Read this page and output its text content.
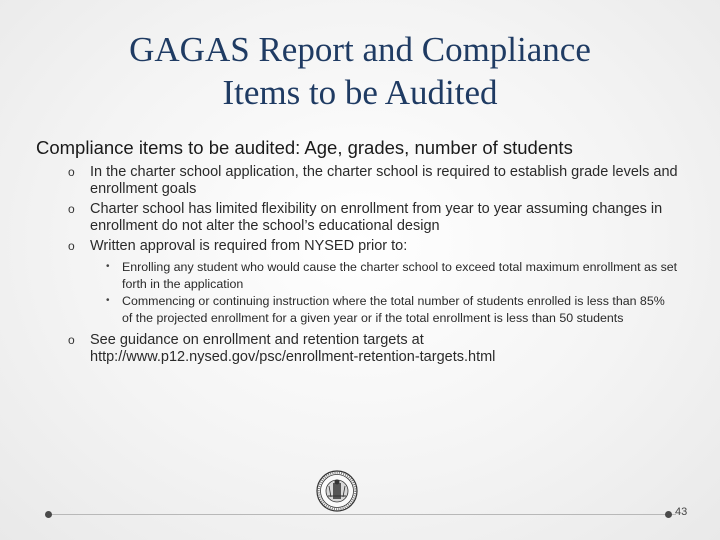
GAGAS Report and Compliance
Items to be Audited
Compliance items to be audited: Age, grades, number of students
o In the charter school application, the charter school is required to establish grade levels and enrollment goals
o Charter school has limited flexibility on enrollment from year to year assuming changes in enrollment do not alter the school’s educational design
o Written approval is required from NYSED prior to:
• Enrolling any student who would cause the charter school to exceed total maximum enrollment as set forth in the application
• Commencing or continuing instruction where the total number of students enrolled is less than 85% of the projected enrollment for a given year or if the total enrollment is less than 50 students
o See guidance on enrollment and retention targets at http://www.p12.nysed.gov/psc/enrollment-retention-targets.html
43
